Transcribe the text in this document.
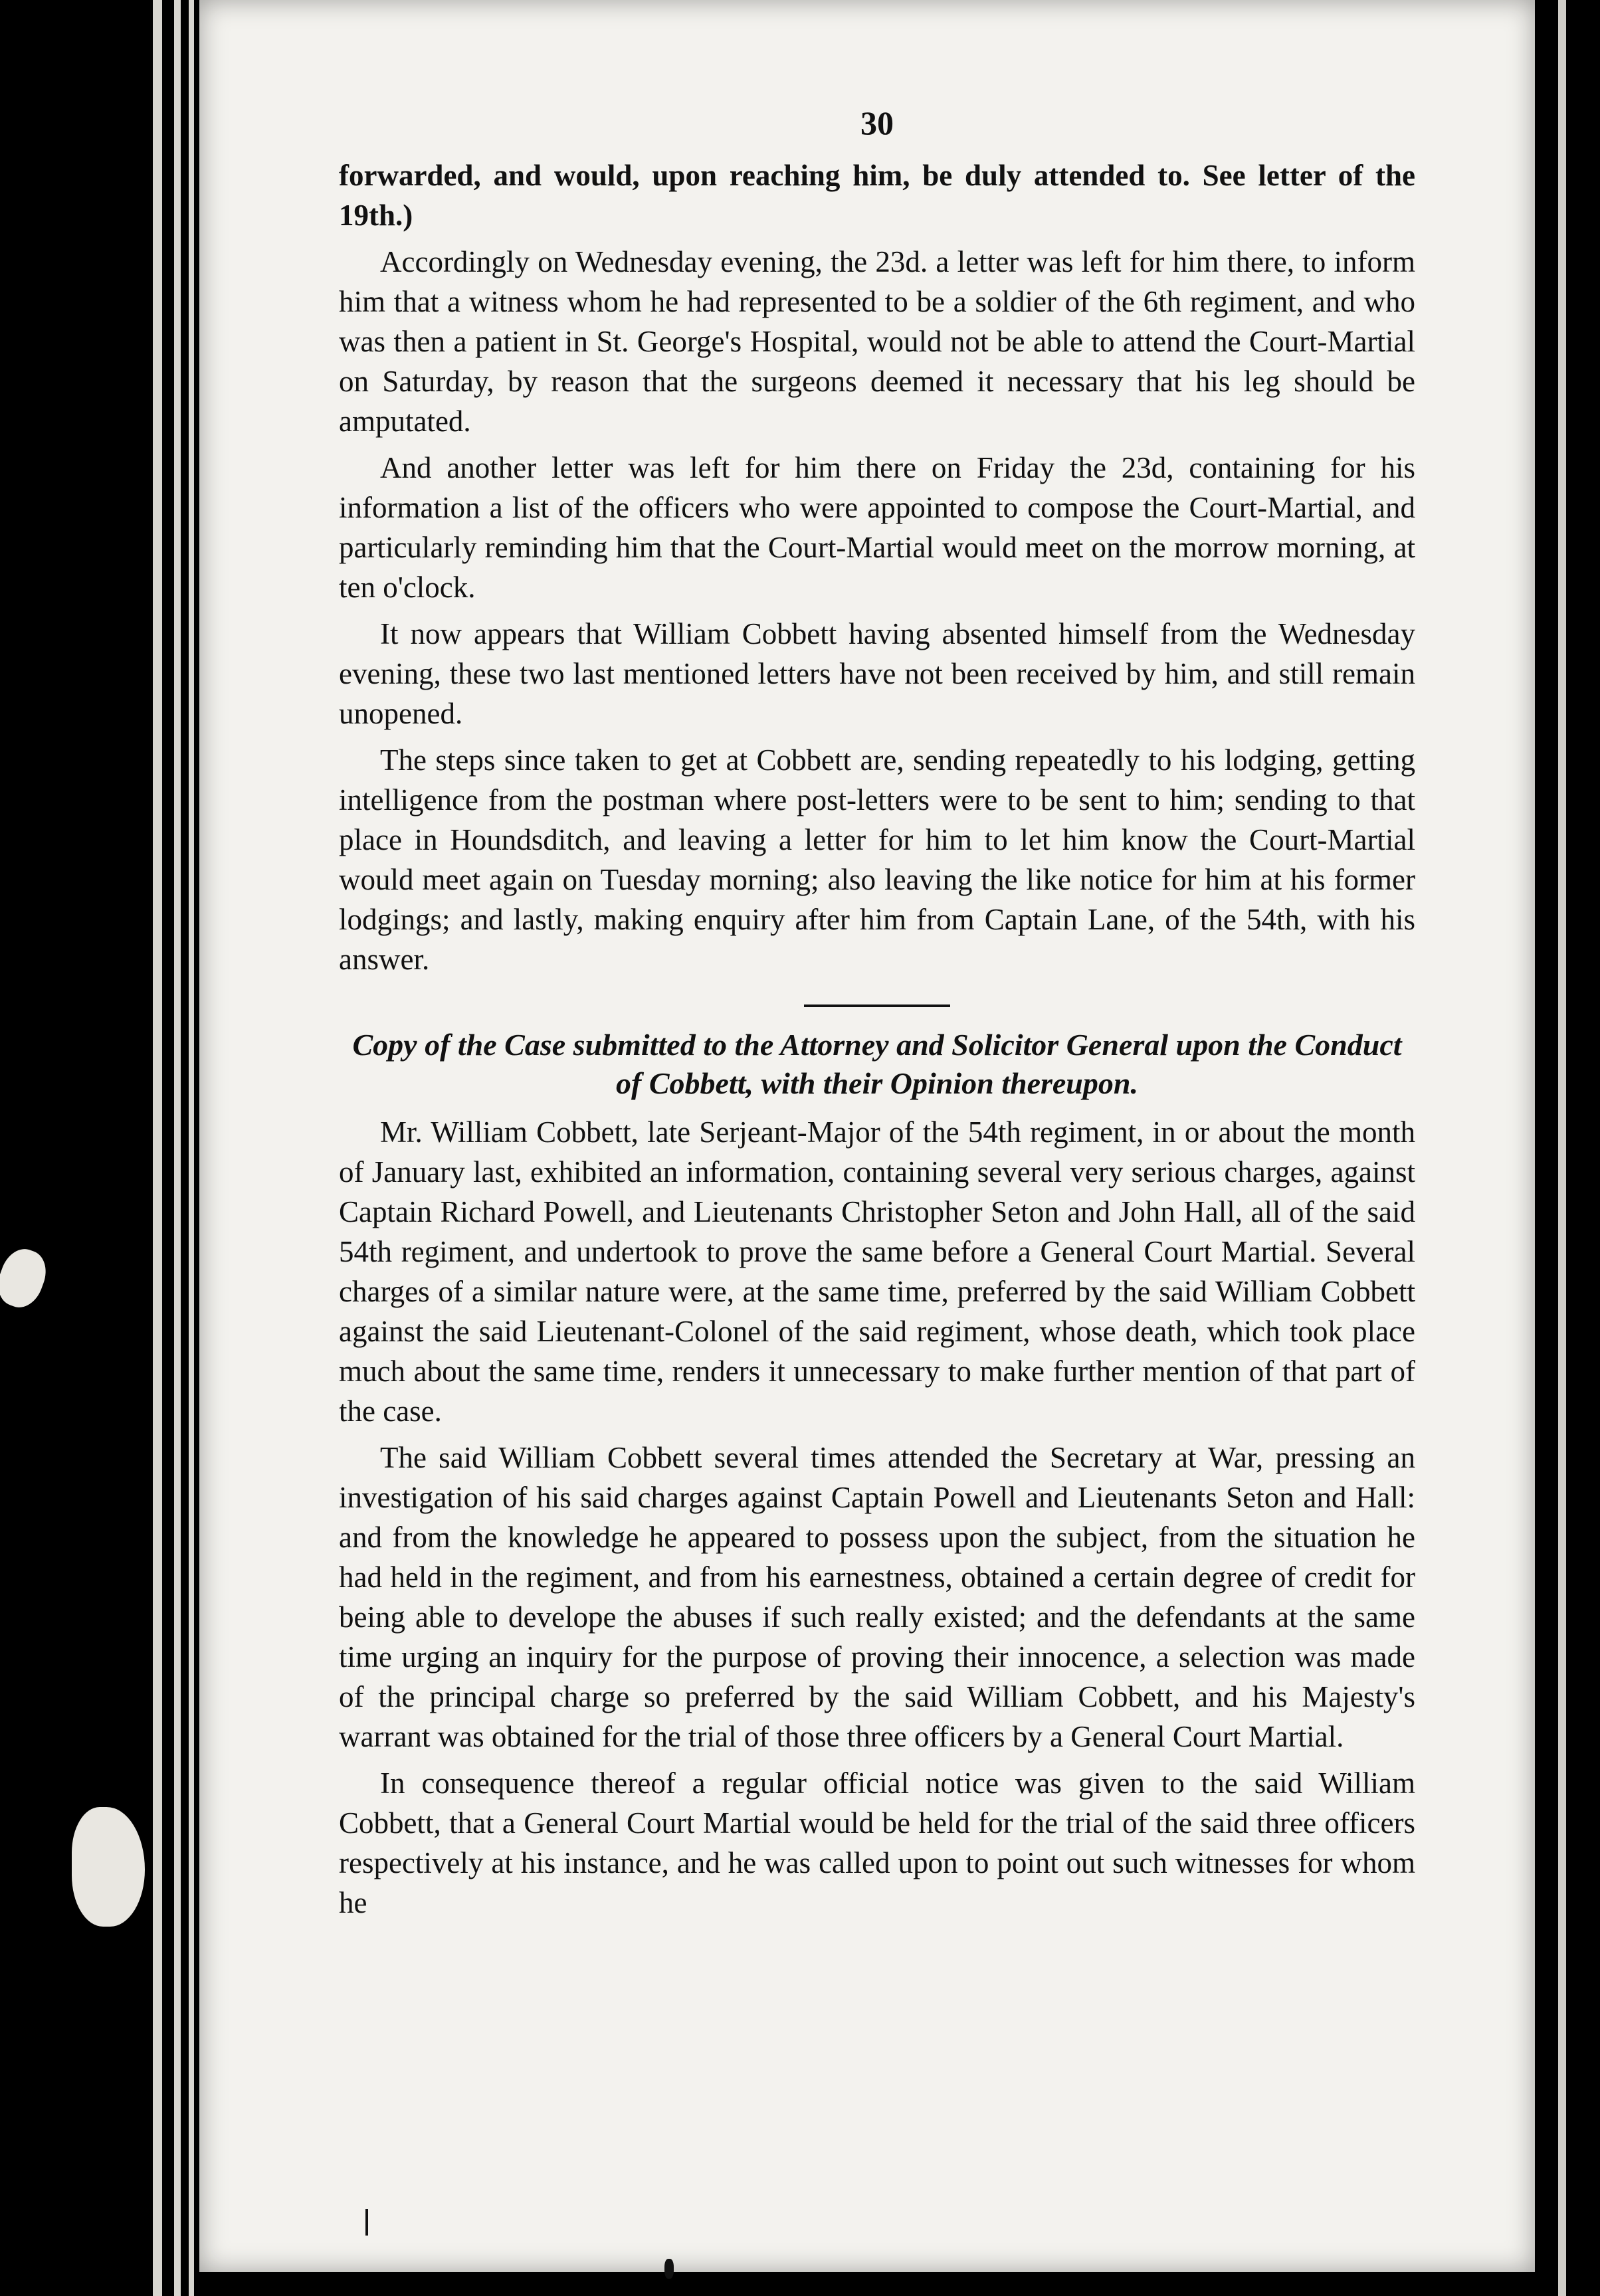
30

forwarded, and would, upon reaching him, be duly attended to. See letter of the 19th.)

Accordingly on Wednesday evening, the 23d. a letter was left for him there, to inform him that a witness whom he had represented to be a soldier of the 6th regiment, and who was then a patient in St. George's Hospital, would not be able to attend the Court-Martial on Saturday, by reason that the surgeons deemed it necessary that his leg should be amputated.

And another letter was left for him there on Friday the 23d, containing for his information a list of the officers who were appointed to compose the Court-Martial, and particularly reminding him that the Court-Martial would meet on the morrow morning, at ten o'clock.

It now appears that William Cobbett having absented himself from the Wednesday evening, these two last mentioned letters have not been received by him, and still remain unopened.

The steps since taken to get at Cobbett are, sending repeatedly to his lodging, getting intelligence from the postman where post-letters were to be sent to him; sending to that place in Houndsditch, and leaving a letter for him to let him know the Court-Martial would meet again on Tuesday morning; also leaving the like notice for him at his former lodgings; and lastly, making enquiry after him from Captain Lane, of the 54th, with his answer.

Copy of the Case submitted to the Attorney and Solicitor General upon the Conduct of Cobbett, with their Opinion thereupon.

Mr. William Cobbett, late Serjeant-Major of the 54th regiment, in or about the month of January last, exhibited an information, containing several very serious charges, against Captain Richard Powell, and Lieutenants Christopher Seton and John Hall, all of the said 54th regiment, and undertook to prove the same before a General Court Martial. Several charges of a similar nature were, at the same time, preferred by the said William Cobbett against the said Lieutenant-Colonel of the said regiment, whose death, which took place much about the same time, renders it unnecessary to make further mention of that part of the case.

The said William Cobbett several times attended the Secretary at War, pressing an investigation of his said charges against Captain Powell and Lieutenants Seton and Hall: and from the knowledge he appeared to possess upon the subject, from the situation he had held in the regiment, and from his earnestness, obtained a certain degree of credit for being able to develope the abuses if such really existed; and the defendants at the same time urging an inquiry for the purpose of proving their innocence, a selection was made of the principal charge so preferred by the said William Cobbett, and his Majesty's warrant was obtained for the trial of those three officers by a General Court Martial.

In consequence thereof a regular official notice was given to the said William Cobbett, that a General Court Martial would be held for the trial of the said three officers respectively at his instance, and he was called upon to point out such witnesses for whom he
